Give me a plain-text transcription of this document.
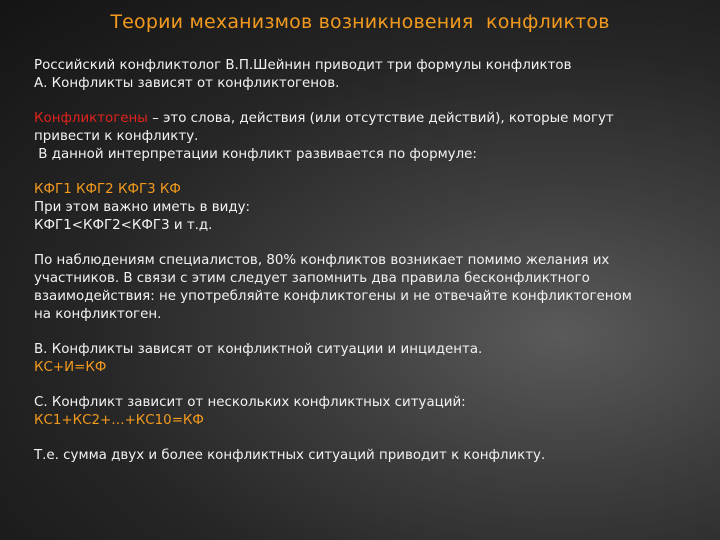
Теории механизмов возникновения  конфликтов
Российский конфликтолог В.П.Шейнин приводит три формулы конфликтов
А. Конфликты зависят от конфликтогенов.
Конфликтогены – это слова, действия (или отсутствие действий), которые могут
привести к конфликту.
В данной интерпретации конфликт развивается по формуле:
КФГ1 КФГ2 КФГ3 КФ
При этом важно иметь в виду:
КФГ1<КФГ2<КФГ3 и т.д.
По наблюдениям специалистов, 80% конфликтов возникает помимо желания их
участников. В связи с этим следует запомнить два правила бесконфликтного
взаимодействия: не употребляйте конфликтогены и не отвечайте конфликтогеном
на конфликтоген.
В. Конфликты зависят от конфликтной ситуации и инцидента.
КС+И=КФ
С. Конфликт зависит от нескольких конфликтных ситуаций:
КС1+КС2+…+КС10=КФ
Т.е. сумма двух и более конфликтных ситуаций приводит к конфликту.
